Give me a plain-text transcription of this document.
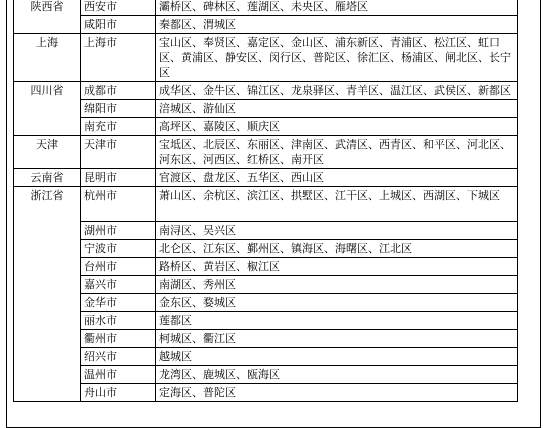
陕西省	西安市	灞桥区、碑林区、莲湖区、未央区、雁塔区
	咸阳市	秦都区、渭城区
上海	上海市	宝山区、奉贤区、嘉定区、金山区、浦东新区、青浦区、松江区、虹口区、黄浦区、静安区、闵行区、普陀区、徐汇区、杨浦区、闸北区、长宁区
四川省	成都市	成华区、金牛区、锦江区、龙泉驿区、青羊区、温江区、武侯区、新都区
	绵阳市	涪城区、游仙区
	南充市	高坪区、嘉陵区、顺庆区
天津	天津市	宝坻区、北辰区、东丽区、津南区、武清区、西青区、和平区、河北区、河东区、河西区、红桥区、南开区
云南省	昆明市	官渡区、盘龙区、五华区、西山区
浙江省	杭州市	萧山区、余杭区、滨江区、拱墅区、江干区、上城区、西湖区、下城区
	湖州市	南浔区、吴兴区
	宁波市	北仑区、江东区、鄞州区、镇海区、海曙区、江北区
	台州市	路桥区、黄岩区、椒江区
	嘉兴市	南湖区、秀州区
	金华市	金东区、婺城区
	丽水市	莲都区
	衢州市	柯城区、衢江区
	绍兴市	越城区
	温州市	龙湾区、鹿城区、瓯海区
	舟山市	定海区、普陀区
